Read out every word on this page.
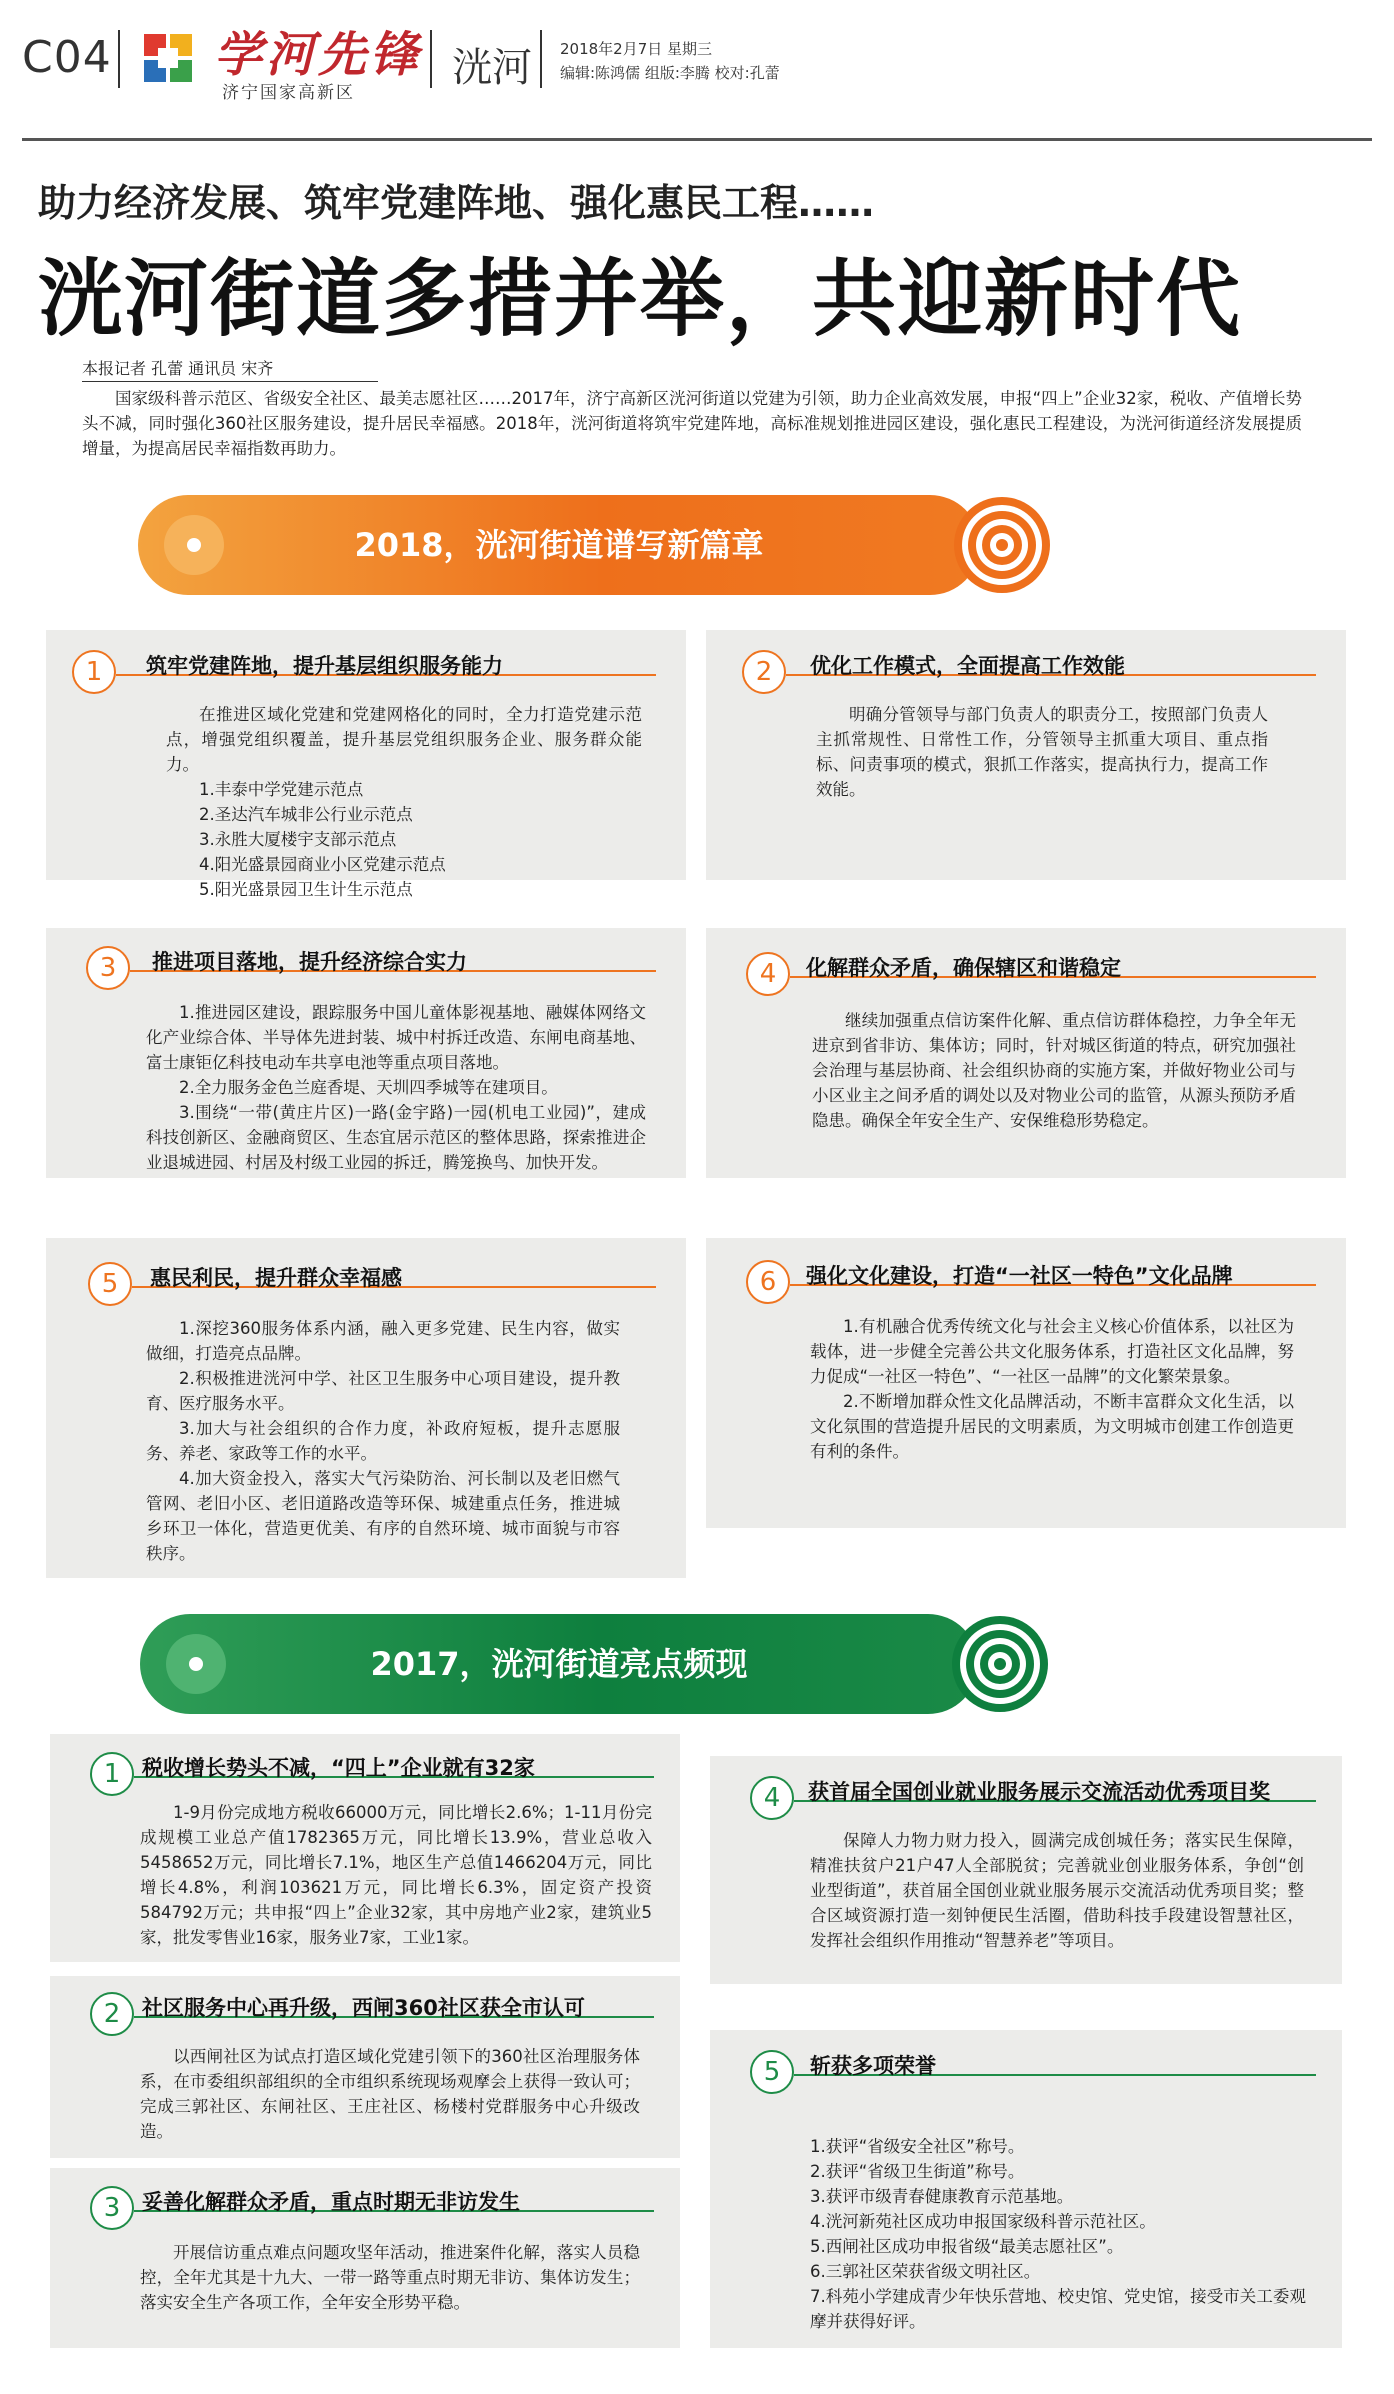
C04 学河先锋
济宁国家高新区
洸河 2018年2月7日 星期三
编辑:陈鸿儒 组版:李腾 校对:孔蕾
助力经济发展、筑牢党建阵地、强化惠民工程……
洸河街道多措并举，共迎新时代
本报记者 孔蕾 通讯员 宋齐
国家级科普示范区、省级安全社区、最美志愿社区……2017年，济宁高新区洸河街道以党建为引领，助力企业高效发展，申报“四上”企业32家，税收、产值增长势头不减，同时强化360社区服务建设，提升居民幸福感。2018年，洸河街道将筑牢党建阵地，高标准规划推进园区建设，强化惠民工程建设，为洸河街道经济发展提质增量，为提高居民幸福指数再助力。
2018，洸河街道谱写新篇章
1	筑牢党建阵地，提升基层组织服务能力

在推进区域化党建和党建网格化的同时，全力打造党建示范点，增强党组织覆盖，提升基层党组织服务企业、服务群众能力。

1.丰泰中学党建示范点

2.圣达汽车城非公行业示范点

3.永胜大厦楼宇支部示范点

4.阳光盛景园商业小区党建示范点

5.阳光盛景园卫生计生示范点

2	优化工作模式，全面提高工作效能

明确分管领导与部门负责人的职责分工，按照部门负责人主抓常规性、日常性工作，分管领导主抓重大项目、重点指标、问责事项的模式，狠抓工作落实，提高执行力，提高工作效能。

3	推进项目落地，提升经济综合实力

1.推进园区建设，跟踪服务中国儿童体影视基地、融媒体网络文化产业综合体、半导体先进封装、城中村拆迁改造、东闸电商基地、富士康钜亿科技电动车共享电池等重点项目落地。

2.全力服务金色兰庭香堤、天圳四季城等在建项目。

3.围绕“一带(黄庄片区)一路(金宇路)一园(机电工业园)”，建成科技创新区、金融商贸区、生态宜居示范区的整体思路，探索推进企业退城进园、村居及村级工业园的拆迁，腾笼换鸟、加快开发。

4	化解群众矛盾，确保辖区和谐稳定

继续加强重点信访案件化解、重点信访群体稳控，力争全年无进京到省非访、集体访；同时，针对城区街道的特点，研究加强社会治理与基层协商、社会组织协商的实施方案，并做好物业公司与小区业主之间矛盾的调处以及对物业公司的监管，从源头预防矛盾隐患。确保全年安全生产、安保维稳形势稳定。

5	惠民利民，提升群众幸福感

1.深挖360服务体系内涵，融入更多党建、民生内容，做实做细，打造亮点品牌。

2.积极推进洸河中学、社区卫生服务中心项目建设，提升教育、医疗服务水平。

3.加大与社会组织的合作力度，补政府短板，提升志愿服务、养老、家政等工作的水平。

4.加大资金投入，落实大气污染防治、河长制以及老旧燃气管网、老旧小区、老旧道路改造等环保、城建重点任务，推进城乡环卫一体化，营造更优美、有序的自然环境、城市面貌与市容秩序。

6	强化文化建设，打造“一社区一特色”文化品牌

1.有机融合优秀传统文化与社会主义核心价值体系，以社区为载体，进一步健全完善公共文化服务体系，打造社区文化品牌，努力促成“一社区一特色”、“一社区一品牌”的文化繁荣景象。

2.不断增加群众性文化品牌活动，不断丰富群众文化生活，以文化氛围的营造提升居民的文明素质，为文明城市创建工作创造更有利的条件。

2017，洸河街道亮点频现
1	税收增长势头不减，“四上”企业就有32家

1-9月份完成地方税收66000万元，同比增长2.6%；1-11月份完成规模工业总产值1782365万元，同比增长13.9%，营业总收入5458652万元，同比增长7.1%，地区生产总值1466204万元，同比增长4.8%，利润103621万元，同比增长6.3%，固定资产投资584792万元；共申报“四上”企业32家，其中房地产业2家，建筑业5家，批发零售业16家，服务业7家，工业1家。

2	社区服务中心再升级，西闸360社区获全市认可

以西闸社区为试点打造区域化党建引领下的360社区治理服务体系，在市委组织部组织的全市组织系统现场观摩会上获得一致认可；完成三郭社区、东闸社区、王庄社区、杨楼村党群服务中心升级改造。

3	妥善化解群众矛盾，重点时期无非访发生

开展信访重点难点问题攻坚年活动，推进案件化解，落实人员稳控，全年尤其是十九大、一带一路等重点时期无非访、集体访发生；落实安全生产各项工作，全年安全形势平稳。

4	获首届全国创业就业服务展示交流活动优秀项目奖

保障人力物力财力投入，圆满完成创城任务；落实民生保障，精准扶贫户21户47人全部脱贫；完善就业创业服务体系，争创“创业型街道”，获首届全国创业就业服务展示交流活动优秀项目奖；整合区域资源打造一刻钟便民生活圈，借助科技手段建设智慧社区，发挥社会组织作用推动“智慧养老”等项目。

5	斩获多项荣誉

1.获评“省级安全社区”称号。

2.获评“省级卫生街道”称号。

3.获评市级青春健康教育示范基地。

4.洸河新苑社区成功申报国家级科普示范社区。

5.西闸社区成功申报省级“最美志愿社区”。

6.三郭社区荣获省级文明社区。

7.科苑小学建成青少年快乐营地、校史馆、党史馆，接受市关工委观摩并获得好评。
